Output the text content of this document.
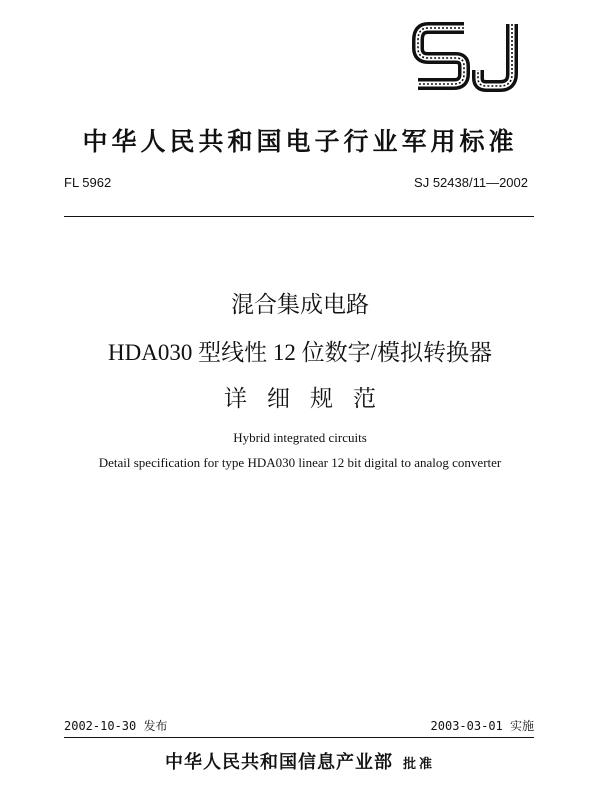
中华人民共和国电子行业军用标准
FL 5962	SJ 52438/11—2002
混合集成电路
HDA030 型线性 12 位数字/模拟转换器
详细规范
Hybrid integrated circuits
Detail specification for type HDA030 linear 12 bit digital to analog converter
2002-10-30 发布	2003-03-01 实施
中华人民共和国信息产业部 批准
